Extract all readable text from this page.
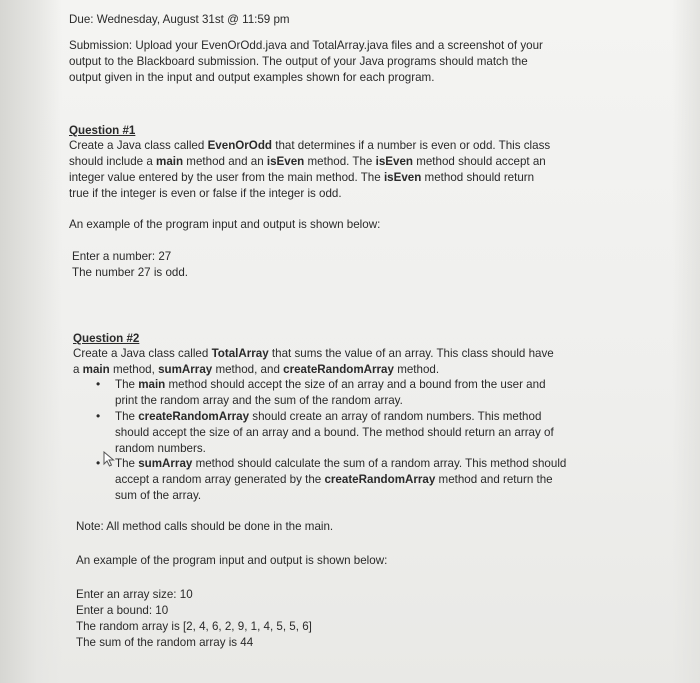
Due: Wednesday, August 31st @ 11:59 pm
Submission: Upload your EvenOrOdd.java and TotalArray.java files and a screenshot of your
output to the Blackboard submission. The output of your Java programs should match the
output given in the input and output examples shown for each program.
Question #1
Create a Java class called EvenOrOdd that determines if a number is even or odd. This class
should include a main method and an isEven method. The isEven method should accept an
integer value entered by the user from the main method. The isEven method should return
true if the integer is even or false if the integer is odd.
An example of the program input and output is shown below:
Enter a number: 27
The number 27 is odd.
Question #2
Create a Java class called TotalArray that sums the value of an array. This class should have
a main method, sumArray method, and createRandomArray method.
• The main method should accept the size of an array and a bound from the user and
print the random array and the sum of the random array.
• The createRandomArray should create an array of random numbers. This method
should accept the size of an array and a bound. The method should return an array of
random numbers.
• The sumArray method should calculate the sum of a random array. This method should
accept a random array generated by the createRandomArray method and return the
sum of the array.
Note: All method calls should be done in the main.
An example of the program input and output is shown below:
Enter an array size: 10
Enter a bound: 10
The random array is [2, 4, 6, 2, 9, 1, 4, 5, 5, 6]
The sum of the random array is 44
